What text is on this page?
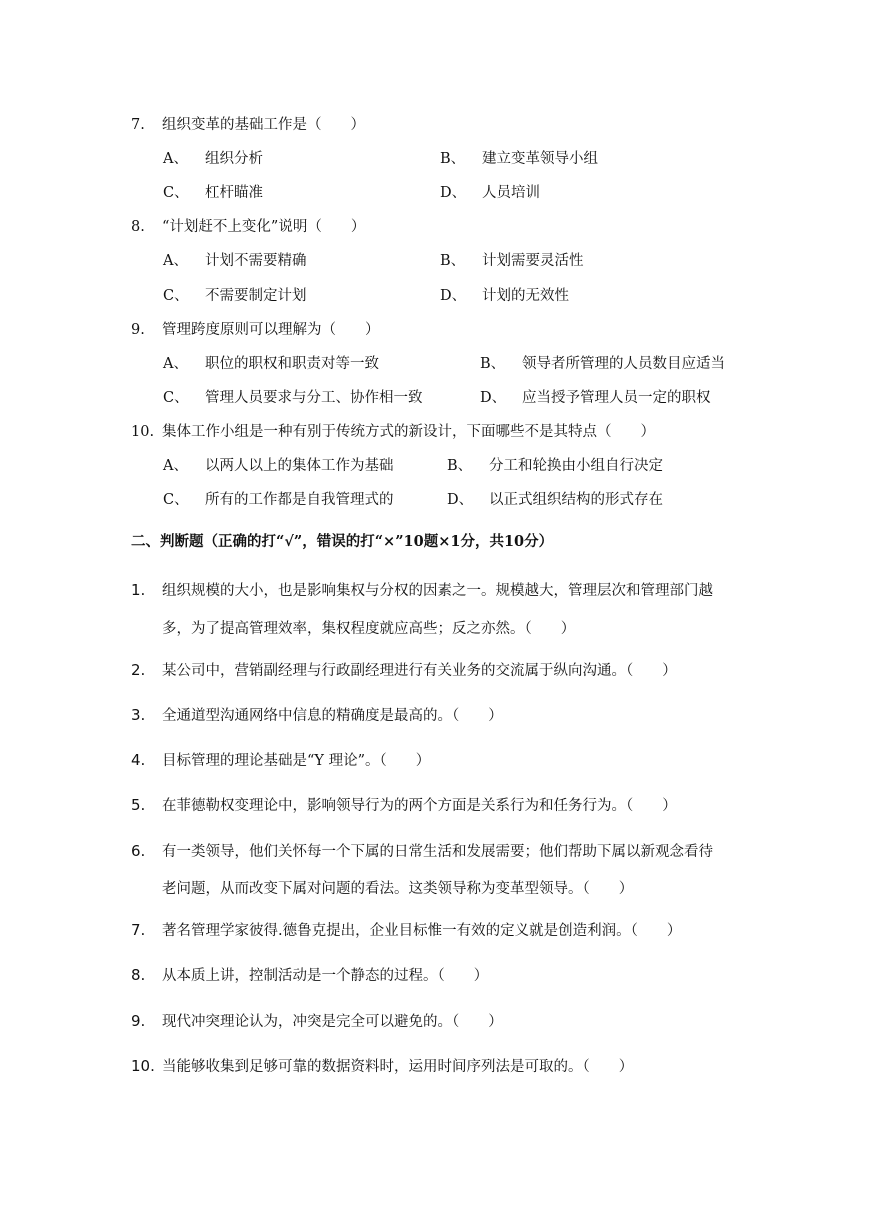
7. 组织变革的基础工作是（　　）
A、 组织分析	B、 建立变革领导小组
C、 杠杆瞄准	D、 人员培训
8. “计划赶不上变化”说明（　　）
A、 计划不需要精确	B、 计划需要灵活性
C、 不需要制定计划	D、 计划的无效性
9. 管理跨度原则可以理解为（　　）
A、 职位的职权和职责对等一致	B、 领导者所管理的人员数目应适当
C、 管理人员要求与分工、协作相一致	D、 应当授予管理人员一定的职权
10. 集体工作小组是一种有别于传统方式的新设计，下面哪些不是其特点（　　）
A、 以两人以上的集体工作为基础	B、 分工和轮换由小组自行决定
C、 所有的工作都是自我管理式的	D、 以正式组织结构的形式存在
二、判断题（正确的打“√”，错误的打“×”10题×1分，共10分）
1. 组织规模的大小，也是影响集权与分权的因素之一。规模越大，管理层次和管理部门越
多，为了提高管理效率，集权程度就应高些；反之亦然。（　　）
2. 某公司中，营销副经理与行政副经理进行有关业务的交流属于纵向沟通。（　　）
3. 全通道型沟通网络中信息的精确度是最高的。（　　）
4. 目标管理的理论基础是“Y 理论”。（　　）
5. 在菲德勒权变理论中，影响领导行为的两个方面是关系行为和任务行为。（　　）
6. 有一类领导，他们关怀每一个下属的日常生活和发展需要；他们帮助下属以新观念看待
老问题，从而改变下属对问题的看法。这类领导称为变革型领导。（　　）
7. 著名管理学家彼得.德鲁克提出，企业目标惟一有效的定义就是创造利润。（　　）
8. 从本质上讲，控制活动是一个静态的过程。（　　）
9. 现代冲突理论认为，冲突是完全可以避免的。（　　）
10. 当能够收集到足够可靠的数据资料时，运用时间序列法是可取的。（　　）
